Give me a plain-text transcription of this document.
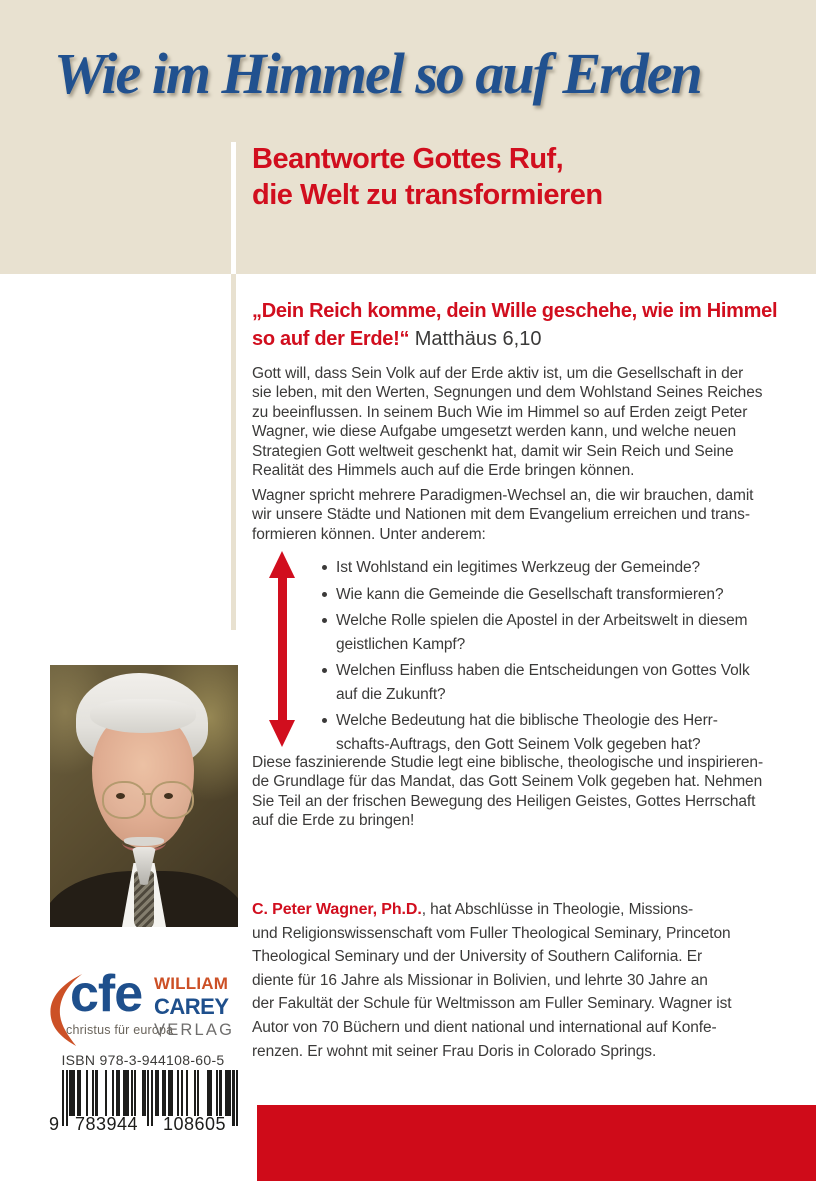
Wie im Himmel so auf Erden
Beantworte Gottes Ruf,
die Welt zu transformieren
„Dein Reich komme, dein Wille geschehe, wie im Himmel
so auf der Erde!“ Matthäus 6,10
Gott will, dass Sein Volk auf der Erde aktiv ist, um die Gesellschaft in der
sie leben, mit den Werten, Segnungen und dem Wohlstand Seines Reiches
zu beeinflussen. In seinem Buch Wie im Himmel so auf Erden zeigt Peter
Wagner, wie diese Aufgabe umgesetzt werden kann, und welche neuen
Strategien Gott weltweit geschenkt hat, damit wir Sein Reich und Seine
Realität des Himmels auch auf die Erde bringen können.
Wagner spricht mehrere Paradigmen-Wechsel an, die wir brauchen, damit
wir unsere Städte und Nationen mit dem Evangelium erreichen und trans-
formieren können. Unter anderem:
Ist Wohlstand ein legitimes Werkzeug der Gemeinde?
Wie kann die Gemeinde die Gesellschaft transformieren?
Welche Rolle spielen die Apostel in der Arbeitswelt in diesem
geistlichen Kampf?
Welchen Einfluss haben die Entscheidungen von Gottes Volk
auf die Zukunft?
Welche Bedeutung hat die biblische Theologie des Herr-
schafts-Auftrags, den Gott Seinem Volk gegeben hat?
Diese faszinierende Studie legt eine biblische, theologische und inspirieren-
de Grundlage für das Mandat, das Gott Seinem Volk gegeben hat. Nehmen
Sie Teil an der frischen Bewegung des Heiligen Geistes, Gottes Herrschaft
auf die Erde zu bringen!
C. Peter Wagner, Ph.D., hat Abschlüsse in Theologie, Missions-
und Religionswissenschaft vom Fuller Theological Seminary, Princeton
Theological Seminary und der University of Southern California. Er
diente für 16 Jahre als Missionar in Bolivien, und lehrte 30 Jahre an
der Fakultät der Schule für Weltmisson am Fuller Seminary. Wagner ist
Autor von 70 Büchern und dient national und international auf Konfe-
renzen. Er wohnt mit seiner Frau Doris in Colorado Springs.
cfe
christus für europa
WILLIAM
CAREY
VERLAG
ISBN 978-3-944108-60-5
9 783944	108605
